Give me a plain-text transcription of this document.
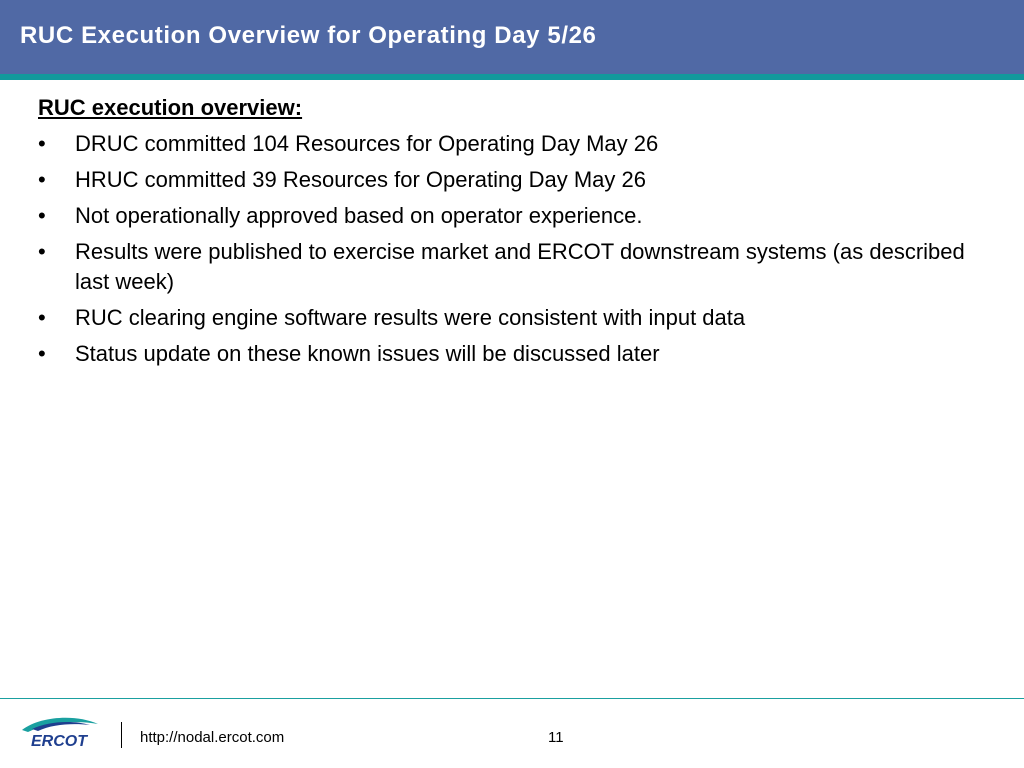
RUC Execution Overview for Operating Day 5/26
RUC execution overview:
• DRUC committed 104 Resources for Operating Day May 26
• HRUC committed 39 Resources for Operating Day May 26
• Not operationally approved based on operator experience.
• Results were published to exercise market and ERCOT downstream systems (as described last week)
• RUC clearing engine software results were consistent with input data
• Status update on these known issues will be discussed later
ERCOT	http://nodal.ercot.com	11
